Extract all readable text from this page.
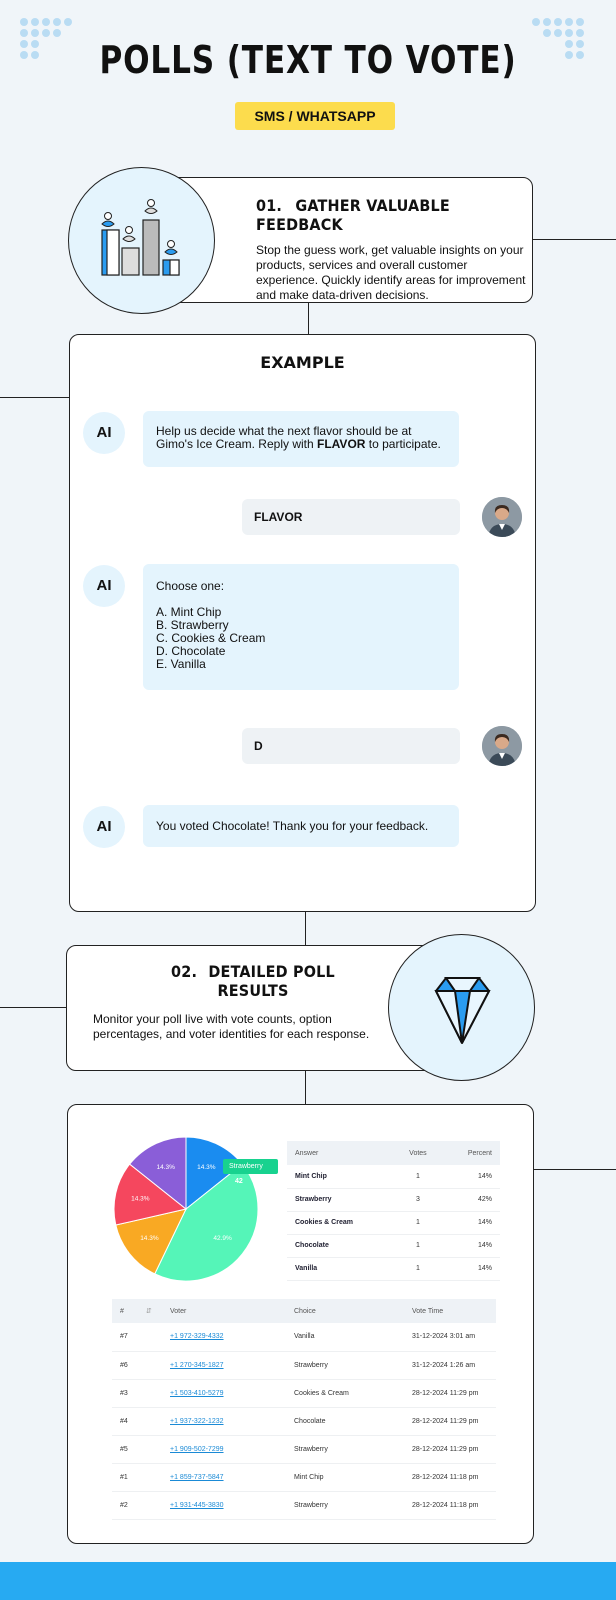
POLLS (TEXT TO VOTE)
SMS / WHATSAPP
01. GATHER VALUABLE FEEDBACK

Stop the guess work, get valuable insights on your products, services and overall customer experience. Quickly identify areas for improvement and make data-driven decisions.

EXAMPLE
AI	Help us decide what the next flavor should be at Gimo's Ice Cream. Reply with FLAVOR to participate.
FLAVOR
AI	Choose one:
A. Mint Chip
B. Strawberry
C. Cookies & Cream
D. Chocolate
E. Vanilla
D
AI	You voted Chocolate! Thank you for your feedback.
02. DETAILED POLL RESULTS

Monitor your poll live with vote counts, option percentages, and voter identities for each response.

14.3%
42.9%
14.3%
14.3%
14.3%	Strawberry 42
Answer	Votes	Percent
Mint Chip	1	14%
Strawberry	3	42%
Cookies & Cream	1	14%
Chocolate	1	14%
Vanilla	1	14%
# ⇵	Voter	Choice	Vote Time
#7	+1 972-329-4332	Vanilla	31-12-2024 3:01 am
#6	+1 270-345-1827	Strawberry	31-12-2024 1:26 am
#3	+1 503-410-5279	Cookies & Cream	28-12-2024 11:29 pm
#4	+1 937-322-1232	Chocolate	28-12-2024 11:29 pm
#5	+1 909-502-7299	Strawberry	28-12-2024 11:29 pm
#1	+1 859-737-5847	Mint Chip	28-12-2024 11:18 pm
#2	+1 931-445-3830	Strawberry	28-12-2024 11:18 pm
